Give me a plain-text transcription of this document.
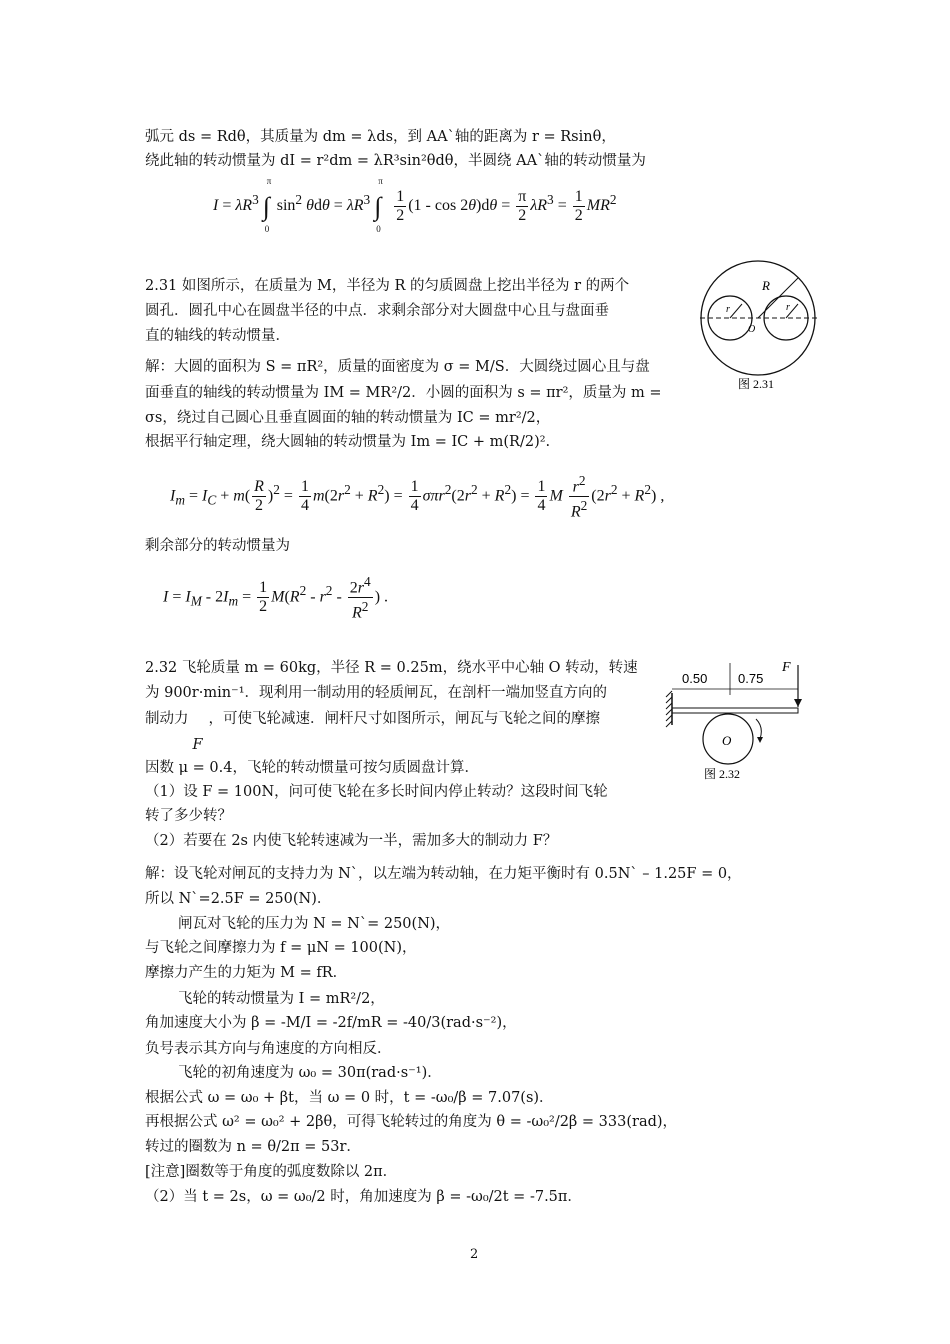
弧元 ds = Rdθ，其质量为 dm = λds，到 AA`轴的距离为 r = Rsinθ，
绕此轴的转动惯量为 dI = r²dm = λR³sin²θdθ，半圆绕 AA`轴的转动惯量为
$I = \lambda R^3$
π
∫
0
$\sin^2 \theta d\theta = \lambda R^3$
π
∫
0

$\frac{1}{2} (1 - \cos 2\theta)d\theta = \frac{\pi}{2} \lambda R^3 = \frac{1}{2} MR^2$
2.31 如图所示，在质量为 M，半径为 R 的匀质圆盘上挖出半径为 r 的两个
圆孔．圆孔中心在圆盘半径的中点．求剩余部分对大圆盘中心且与盘面垂
直的轴线的转动惯量．
解：大圆的面积为 S = πR²，质量的面密度为 σ = M/S．大圆绕过圆心且与盘
面垂直的轴线的转动惯量为 IM = MR²/2．小圆的面积为 s = πr²，质量为 m =
σs，绕过自己圆心且垂直圆面的轴的转动惯量为 IC = mr²/2，
根据平行轴定理，绕大圆轴的转动惯量为 Im = IC + m(R/2)².
R
r	r
O
图 2.31
$I_m = I_C + m( \frac{R}{2} )^2 = \frac{1}{4} m(2r^2 + R^2) = \frac{1}{4} \sigma\pi r^2(2r^2 + R^2) = \frac{1}{4}$ M $\frac{r^2}{R^2} (2r^2 + R^2)$ ,
剩余部分的转动惯量为
$I = I_M - 2I_m = \frac{1}{2} M(R^2 - r^2 - \frac{2r^4}{R^2}$ ) .
2.32 飞轮质量 m = 60kg，半径 R = 0.25m，绕水平中心轴 O 转动，转速
为 900r·min⁻¹．现利用一制动用的轻质闸瓦，在剖杆一端加竖直方向的
制动力
F
，可使飞轮减速．闸杆尺寸如图所示，闸瓦与飞轮之间的摩擦
因数 μ = 0.4，飞轮的转动惯量可按匀质圆盘计算．
（1）设 F = 100N，问可使飞轮在多长时间内停止转动？这段时间飞轮
转了多少转？
（2）若要在 2s 内使飞轮转速减为一半，需加多大的制动力 F？
0.50 0.75
F
O
图 2.32
解：设飞轮对闸瓦的支持力为 N`，以左端为转动轴，在力矩平衡时有 0.5N` – 1.25F = 0，
所以 N`=2.5F = 250(N)．
闸瓦对飞轮的压力为 N = N`= 250(N)，
与飞轮之间摩擦力为 f = μN = 100(N)，
摩擦力产生的力矩为 M = fR．
飞轮的转动惯量为 I = mR²/2，
角加速度大小为 β = -M/I = -2f/mR = -40/3(rad·s⁻²)，
负号表示其方向与角速度的方向相反．
飞轮的初角速度为 ω₀ = 30π(rad·s⁻¹)．
根据公式 ω = ω₀ + βt，当 ω = 0 时，t = -ω₀/β = 7.07(s)．
再根据公式 ω² = ω₀² + 2βθ，可得飞轮转过的角度为 θ = -ω₀²/2β = 333(rad)，
转过的圈数为 n = θ/2π = 53r．
[注意]圈数等于角度的弧度数除以 2π．
（2）当 t = 2s，ω = ω₀/2 时，角加速度为 β = -ω₀/2t = -7.5π．
2
